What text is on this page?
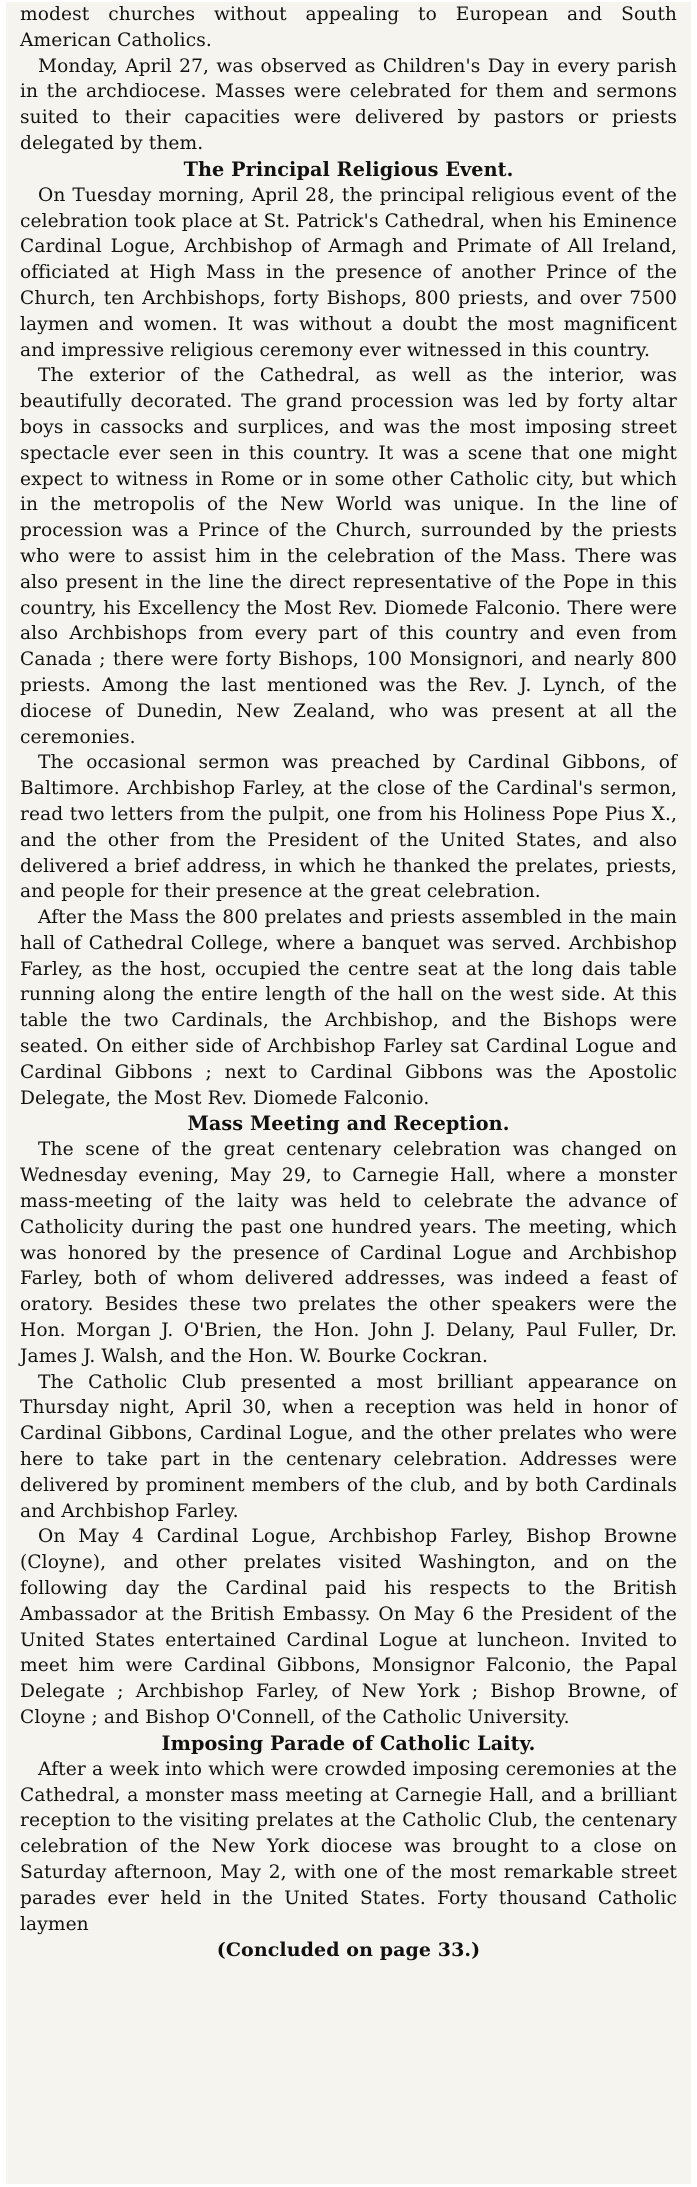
modest churches without appealing to European and South American Catholics.

Monday, April 27, was observed as Children's Day in every parish in the archdiocese. Masses were celebrated for them and sermons suited to their capacities were delivered by pastors or priests delegated by them.

The Principal Religious Event.

On Tuesday morning, April 28, the principal religious event of the celebration took place at St. Patrick's Cathedral, when his Eminence Cardinal Logue, Archbishop of Armagh and Primate of All Ireland, officiated at High Mass in the presence of another Prince of the Church, ten Archbishops, forty Bishops, 800 priests, and over 7500 laymen and women. It was without a doubt the most magnificent and impressive religious ceremony ever witnessed in this country.

The exterior of the Cathedral, as well as the interior, was beautifully decorated. The grand procession was led by forty altar boys in cassocks and surplices, and was the most imposing street spectacle ever seen in this country. It was a scene that one might expect to witness in Rome or in some other Catholic city, but which in the metropolis of the New World was unique. In the line of procession was a Prince of the Church, surrounded by the priests who were to assist him in the celebration of the Mass. There was also present in the line the direct representative of the Pope in this country, his Excellency the Most Rev. Diomede Falconio. There were also Archbishops from every part of this country and even from Canada ; there were forty Bishops, 100 Monsignori, and nearly 800 priests. Among the last mentioned was the Rev. J. Lynch, of the diocese of Dunedin, New Zealand, who was present at all the ceremonies.

The occasional sermon was preached by Cardinal Gibbons, of Baltimore. Archbishop Farley, at the close of the Cardinal's sermon, read two letters from the pulpit, one from his Holiness Pope Pius X., and the other from the President of the United States, and also delivered a brief address, in which he thanked the prelates, priests, and people for their presence at the great celebration.

After the Mass the 800 prelates and priests assembled in the main hall of Cathedral College, where a banquet was served. Archbishop Farley, as the host, occupied the centre seat at the long dais table running along the entire length of the hall on the west side. At this table the two Cardinals, the Archbishop, and the Bishops were seated. On either side of Archbishop Farley sat Cardinal Logue and Cardinal Gibbons ; next to Cardinal Gibbons was the Apostolic Delegate, the Most Rev. Diomede Falconio.

Mass Meeting and Reception.

The scene of the great centenary celebration was changed on Wednesday evening, May 29, to Carnegie Hall, where a monster mass-meeting of the laity was held to celebrate the advance of Catholicity during the past one hundred years. The meeting, which was honored by the presence of Cardinal Logue and Archbishop Farley, both of whom delivered addresses, was indeed a feast of oratory. Besides these two prelates the other speakers were the Hon. Morgan J. O'Brien, the Hon. John J. Delany, Paul Fuller, Dr. James J. Walsh, and the Hon. W. Bourke Cockran.

The Catholic Club presented a most brilliant appearance on Thursday night, April 30, when a reception was held in honor of Cardinal Gibbons, Cardinal Logue, and the other prelates who were here to take part in the centenary celebration. Addresses were delivered by prominent members of the club, and by both Cardinals and Archbishop Farley.

On May 4 Cardinal Logue, Archbishop Farley, Bishop Browne (Cloyne), and other prelates visited Washington, and on the following day the Cardinal paid his respects to the British Ambassador at the British Embassy. On May 6 the President of the United States entertained Cardinal Logue at luncheon. Invited to meet him were Cardinal Gibbons, Monsignor Falconio, the Papal Delegate ; Archbishop Farley, of New York ; Bishop Browne, of Cloyne ; and Bishop O'Connell, of the Catholic University.

Imposing Parade of Catholic Laity.

After a week into which were crowded imposing ceremonies at the Cathedral, a monster mass meeting at Carnegie Hall, and a brilliant reception to the visiting prelates at the Catholic Club, the centenary celebration of the New York diocese was brought to a close on Saturday afternoon, May 2, with one of the most remarkable street parades ever held in the United States. Forty thousand Catholic laymen

(Concluded on page 33.)
